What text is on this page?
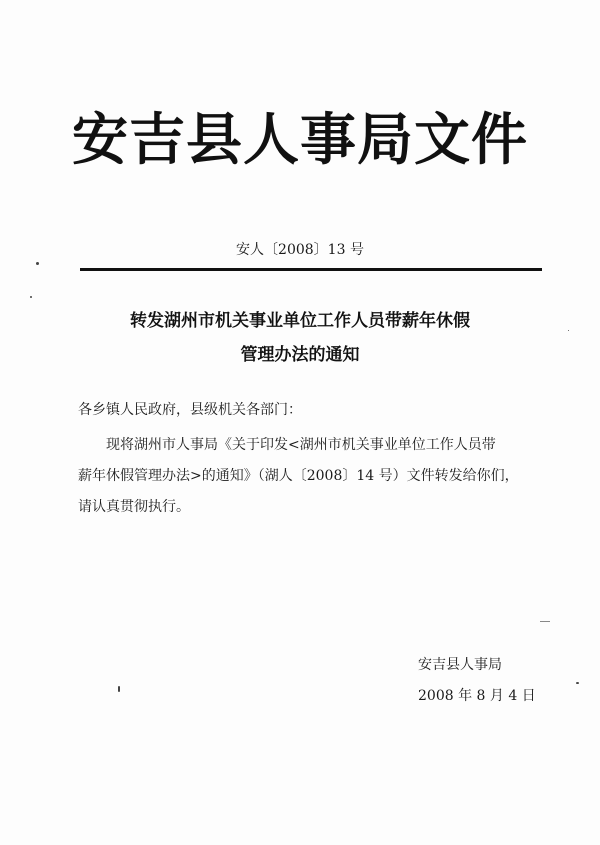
安吉县人事局文件
安人〔2008〕13 号
转发湖州市机关事业单位工作人员带薪年休假
管理办法的通知
各乡镇人民政府，县级机关各部门：
现将湖州市人事局《关于印发<湖州市机关事业单位工作人员带
薪年休假管理办法>的通知》（湖人〔2008〕14 号）文件转发给你们，
请认真贯彻执行。
安吉县人事局
2008 年 8 月 4 日
